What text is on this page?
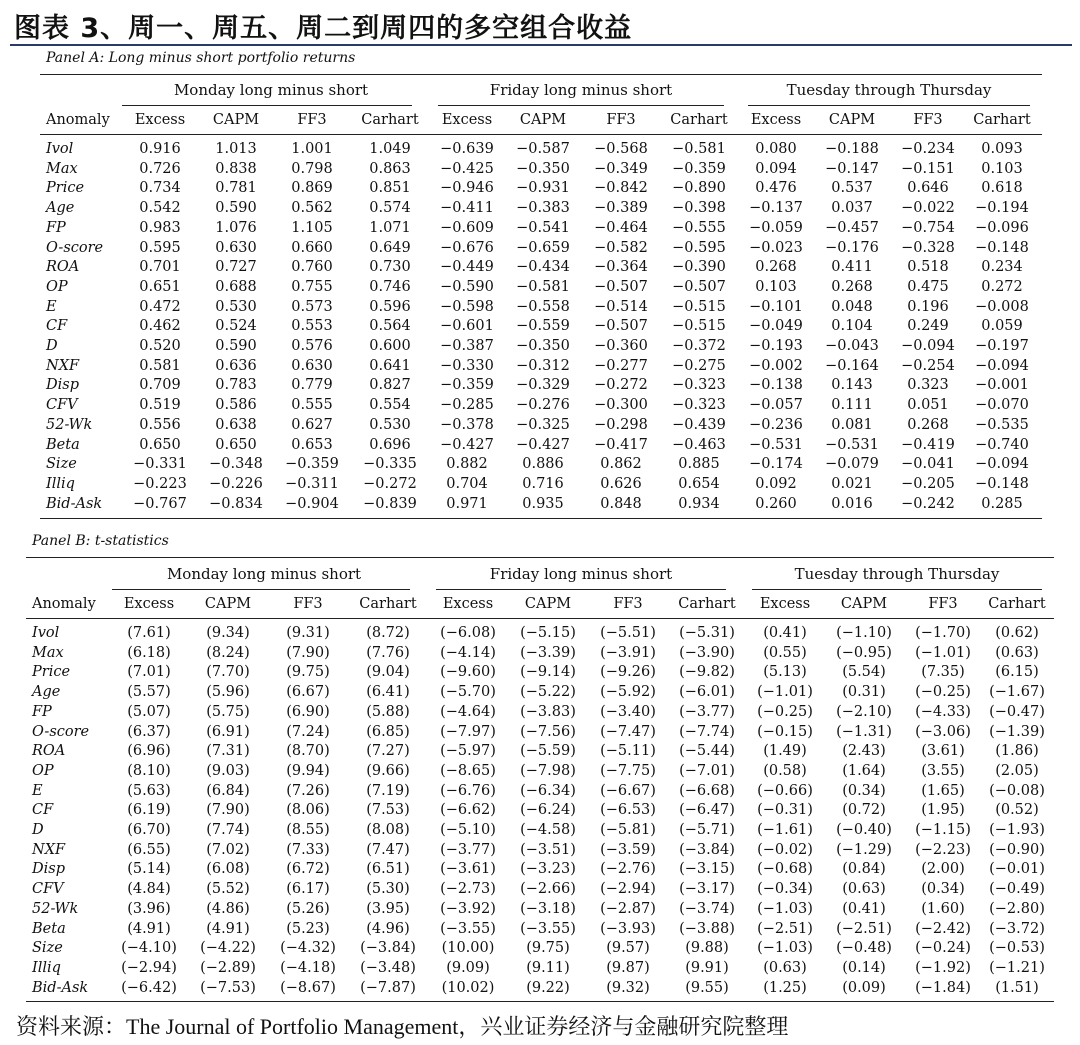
图表 3、周一、周五、周二到周四的多空组合收益
Panel A: Long minus short portfolio returns
Monday long minus short	Friday long minus short	Tuesday through Thursday
Anomaly	Excess	CAPM	FF3	Carhart	Excess	CAPM	FF3	Carhart	Excess	CAPM	FF3	Carhart

Ivol	0.916	1.013	1.001	1.049	−0.639	−0.587	−0.568	−0.581	0.080	−0.188	−0.234	0.093
Max	0.726	0.838	0.798	0.863	−0.425	−0.350	−0.349	−0.359	0.094	−0.147	−0.151	0.103
Price	0.734	0.781	0.869	0.851	−0.946	−0.931	−0.842	−0.890	0.476	0.537	0.646	0.618
Age	0.542	0.590	0.562	0.574	−0.411	−0.383	−0.389	−0.398	−0.137	0.037	−0.022	−0.194
FP	0.983	1.076	1.105	1.071	−0.609	−0.541	−0.464	−0.555	−0.059	−0.457	−0.754	−0.096
O-score	0.595	0.630	0.660	0.649	−0.676	−0.659	−0.582	−0.595	−0.023	−0.176	−0.328	−0.148
ROA	0.701	0.727	0.760	0.730	−0.449	−0.434	−0.364	−0.390	0.268	0.411	0.518	0.234
OP	0.651	0.688	0.755	0.746	−0.590	−0.581	−0.507	−0.507	0.103	0.268	0.475	0.272
E	0.472	0.530	0.573	0.596	−0.598	−0.558	−0.514	−0.515	−0.101	0.048	0.196	−0.008
CF	0.462	0.524	0.553	0.564	−0.601	−0.559	−0.507	−0.515	−0.049	0.104	0.249	0.059
D	0.520	0.590	0.576	0.600	−0.387	−0.350	−0.360	−0.372	−0.193	−0.043	−0.094	−0.197
NXF	0.581	0.636	0.630	0.641	−0.330	−0.312	−0.277	−0.275	−0.002	−0.164	−0.254	−0.094
Disp	0.709	0.783	0.779	0.827	−0.359	−0.329	−0.272	−0.323	−0.138	0.143	0.323	−0.001
CFV	0.519	0.586	0.555	0.554	−0.285	−0.276	−0.300	−0.323	−0.057	0.111	0.051	−0.070
52-Wk	0.556	0.638	0.627	0.530	−0.378	−0.325	−0.298	−0.439	−0.236	0.081	0.268	−0.535
Beta	0.650	0.650	0.653	0.696	−0.427	−0.427	−0.417	−0.463	−0.531	−0.531	−0.419	−0.740
Size	−0.331	−0.348	−0.359	−0.335	0.882	0.886	0.862	0.885	−0.174	−0.079	−0.041	−0.094
Illiq	−0.223	−0.226	−0.311	−0.272	0.704	0.716	0.626	0.654	0.092	0.021	−0.205	−0.148
Bid-Ask	−0.767	−0.834	−0.904	−0.839	0.971	0.935	0.848	0.934	0.260	0.016	−0.242	0.285
Panel B: t-statistics
Monday long minus short	Friday long minus short	Tuesday through Thursday
Anomaly	Excess	CAPM	FF3	Carhart	Excess	CAPM	FF3	Carhart	Excess	CAPM	FF3	Carhart

Ivol	(7.61)	(9.34)	(9.31)	(8.72)	(−6.08)	(−5.15)	(−5.51)	(−5.31)	(0.41)	(−1.10)	(−1.70)	(0.62)
Max	(6.18)	(8.24)	(7.90)	(7.76)	(−4.14)	(−3.39)	(−3.91)	(−3.90)	(0.55)	(−0.95)	(−1.01)	(0.63)
Price	(7.01)	(7.70)	(9.75)	(9.04)	(−9.60)	(−9.14)	(−9.26)	(−9.82)	(5.13)	(5.54)	(7.35)	(6.15)
Age	(5.57)	(5.96)	(6.67)	(6.41)	(−5.70)	(−5.22)	(−5.92)	(−6.01)	(−1.01)	(0.31)	(−0.25)	(−1.67)
FP	(5.07)	(5.75)	(6.90)	(5.88)	(−4.64)	(−3.83)	(−3.40)	(−3.77)	(−0.25)	(−2.10)	(−4.33)	(−0.47)
O-score	(6.37)	(6.91)	(7.24)	(6.85)	(−7.97)	(−7.56)	(−7.47)	(−7.74)	(−0.15)	(−1.31)	(−3.06)	(−1.39)
ROA	(6.96)	(7.31)	(8.70)	(7.27)	(−5.97)	(−5.59)	(−5.11)	(−5.44)	(1.49)	(2.43)	(3.61)	(1.86)
OP	(8.10)	(9.03)	(9.94)	(9.66)	(−8.65)	(−7.98)	(−7.75)	(−7.01)	(0.58)	(1.64)	(3.55)	(2.05)
E	(5.63)	(6.84)	(7.26)	(7.19)	(−6.76)	(−6.34)	(−6.67)	(−6.68)	(−0.66)	(0.34)	(1.65)	(−0.08)
CF	(6.19)	(7.90)	(8.06)	(7.53)	(−6.62)	(−6.24)	(−6.53)	(−6.47)	(−0.31)	(0.72)	(1.95)	(0.52)
D	(6.70)	(7.74)	(8.55)	(8.08)	(−5.10)	(−4.58)	(−5.81)	(−5.71)	(−1.61)	(−0.40)	(−1.15)	(−1.93)
NXF	(6.55)	(7.02)	(7.33)	(7.47)	(−3.77)	(−3.51)	(−3.59)	(−3.84)	(−0.02)	(−1.29)	(−2.23)	(−0.90)
Disp	(5.14)	(6.08)	(6.72)	(6.51)	(−3.61)	(−3.23)	(−2.76)	(−3.15)	(−0.68)	(0.84)	(2.00)	(−0.01)
CFV	(4.84)	(5.52)	(6.17)	(5.30)	(−2.73)	(−2.66)	(−2.94)	(−3.17)	(−0.34)	(0.63)	(0.34)	(−0.49)
52-Wk	(3.96)	(4.86)	(5.26)	(3.95)	(−3.92)	(−3.18)	(−2.87)	(−3.74)	(−1.03)	(0.41)	(1.60)	(−2.80)
Beta	(4.91)	(4.91)	(5.23)	(4.96)	(−3.55)	(−3.55)	(−3.93)	(−3.88)	(−2.51)	(−2.51)	(−2.42)	(−3.72)
Size	(−4.10)	(−4.22)	(−4.32)	(−3.84)	(10.00)	(9.75)	(9.57)	(9.88)	(−1.03)	(−0.48)	(−0.24)	(−0.53)
Illiq	(−2.94)	(−2.89)	(−4.18)	(−3.48)	(9.09)	(9.11)	(9.87)	(9.91)	(0.63)	(0.14)	(−1.92)	(−1.21)
Bid-Ask	(−6.42)	(−7.53)	(−8.67)	(−7.87)	(10.02)	(9.22)	(9.32)	(9.55)	(1.25)	(0.09)	(−1.84)	(1.51)
资料来源：The Journal of Portfolio Management，兴业证券经济与金融研究院整理
